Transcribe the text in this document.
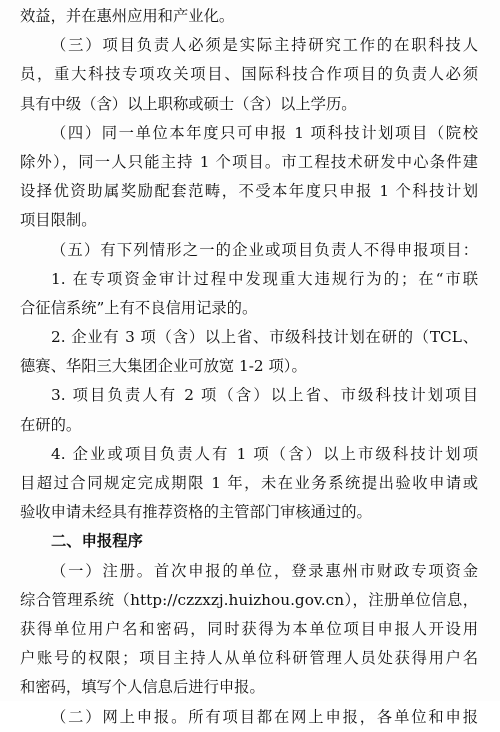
效益，并在惠州应用和产业化。
（三）项目负责人必须是实际主持研究工作的在职科技人
员，重大科技专项攻关项目、国际科技合作项目的负责人必须
具有中级（含）以上职称或硕士（含）以上学历。
（四）同一单位本年度只可申报 1 项科技计划项目（院校
除外），同一人只能主持 1 个项目。市工程技术研发中心条件建
设择优资助属奖励配套范畴，不受本年度只申报 1 个科技计划
项目限制。
（五）有下列情形之一的企业或项目负责人不得申报项目：
1. 在专项资金审计过程中发现重大违规行为的；在“市联
合征信系统”上有不良信用记录的。
2. 企业有 3 项（含）以上省、市级科技计划在研的（TCL、
德赛、华阳三大集团企业可放宽 1-2 项）。
3. 项目负责人有 2 项（含）以上省、市级科技计划项目
在研的。
4. 企业或项目负责人有 1 项（含）以上市级科技计划项
目超过合同规定完成期限 1 年，未在业务系统提出验收申请或
验收申请未经具有推荐资格的主管部门审核通过的。
二、申报程序
（一）注册。首次申报的单位，登录惠州市财政专项资金
综合管理系统（http://czzxzj.huizhou.gov.cn），注册单位信息，
获得单位用户名和密码，同时获得为本单位项目申报人开设用
户账号的权限；项目主持人从单位科研管理人员处获得用户名
和密码，填写个人信息后进行申报。
（二）网上申报。所有项目都在网上申报，各单位和申报
